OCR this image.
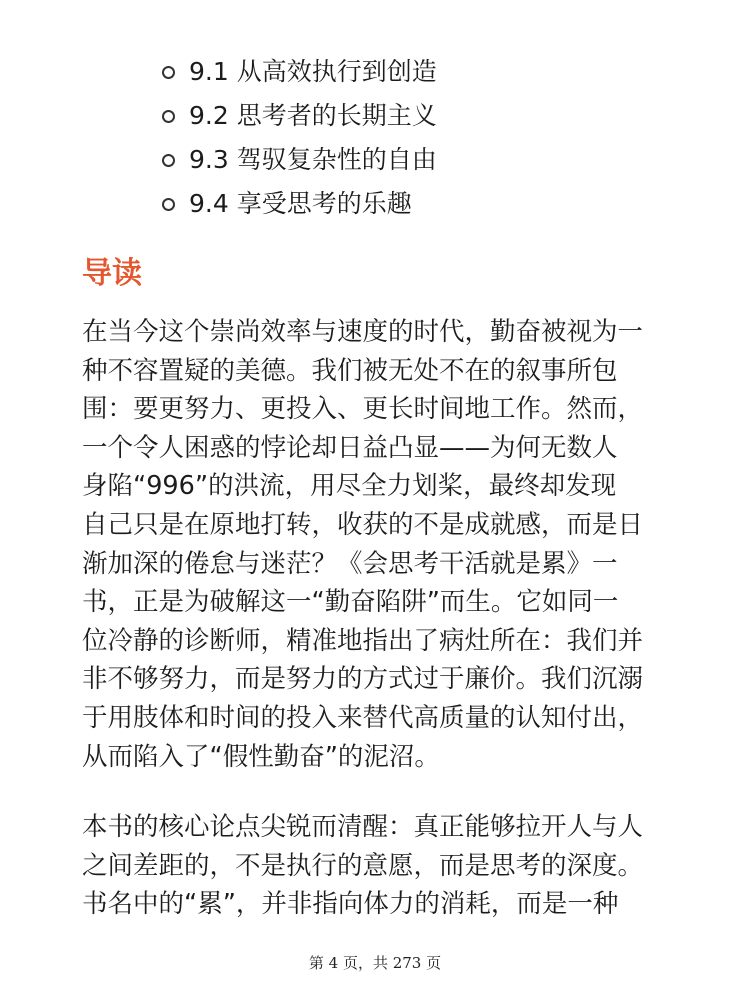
9.1 从高效执行到创造
9.2 思考者的长期主义
9.3 驾驭复杂性的自由
9.4 享受思考的乐趣
导读

在当今这个崇尚效率与速度的时代，勤奋被视为一
种不容置疑的美德。我们被无处不在的叙事所包
围：要更努力、更投入、更长时间地工作。然而，
一个令人困惑的悖论却日益凸显——为何无数人
身陷“996”的洪流，用尽全力划桨，最终却发现
自己只是在原地打转，收获的不是成就感，而是日
渐加深的倦怠与迷茫？《会思考干活就是累》一
书，正是为破解这一“勤奋陷阱”而生。它如同一
位冷静的诊断师，精准地指出了病灶所在：我们并
非不够努力，而是努力的方式过于廉价。我们沉溺
于用肢体和时间的投入来替代高质量的认知付出，
从而陷入了“假性勤奋”的泥沼。

本书的核心论点尖锐而清醒：真正能够拉开人与人
之间差距的，不是执行的意愿，而是思考的深度。
书名中的“累”，并非指向体力的消耗，而是一种

第 4 页，共 273 页
